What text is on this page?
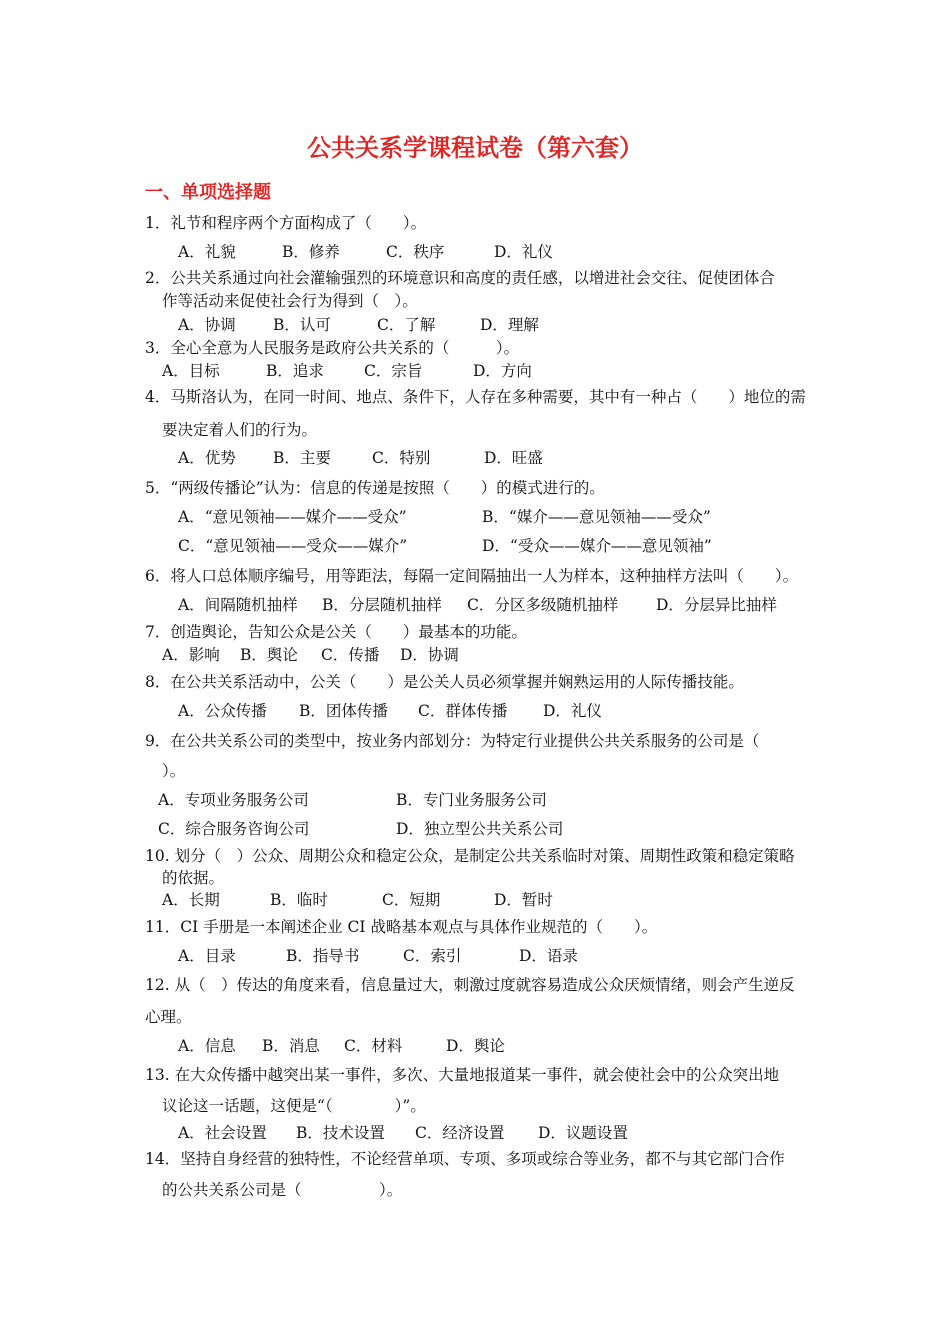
公共关系学课程试卷（第六套）
一、单项选择题
1．礼节和程序两个方面构成了（　　）。
A．礼貌	B．修养	C．秩序	D．礼仪
2．公共关系通过向社会灌输强烈的环境意识和高度的责任感，以增进社会交往、促使团体合
作等活动来促使社会行为得到（　）。
A．协调 B．认可	C．了解	D．理解
3．全心全意为人民服务是政府公共关系的（　　　）。
A．目标	B．追求	C．宗旨	D．方向
4．马斯洛认为，在同一时间、地点、条件下，人存在多种需要，其中有一种占（　　）地位的需
要决定着人们的行为。
A．优势 B．主要	C．特别	D．旺盛
5．“两级传播论”认为：信息的传递是按照（　　）的模式进行的。
A．“意见领袖——媒介——受众”	B．“媒介——意见领袖——受众”
C．“意见领袖——受众——媒介”	D．“受众——媒介——意见领袖”
6．将人口总体顺序编号，用等距法，每隔一定间隔抽出一人为样本，这种抽样方法叫（　　）。
A．间隔随机抽样 B．分层随机抽样 C．分区多级随机抽样 D．分层异比抽样
7．创造舆论，告知公众是公关（　　）最基本的功能。
A．影响 B．舆论 C．传播 D．协调
8．在公共关系活动中，公关（　　）是公关人员必须掌握并娴熟运用的人际传播技能。
A．公众传播 B．团体传播 C．群体传播 D．礼仪
9．在公共关系公司的类型中，按业务内部划分：为特定行业提供公共关系服务的公司是（
）。
A．专项业务服务公司	B．专门业务服务公司
C．综合服务咨询公司	D．独立型公共关系公司
10. 划分（　）公众、周期公众和稳定公众，是制定公共关系临时对策、周期性政策和稳定策略
的依据。
A．长期	B．临时	C．短期	D．暂时
11．CI 手册是一本阐述企业 CI 战略基本观点与具体作业规范的（　　）。
A．目录	B．指导书	C．索引	D．语录
12. 从（　）传达的角度来看，信息量过大，刺激过度就容易造成公众厌烦情绪，则会产生逆反
心理。
A．信息 B．消息 C．材料	D．舆论
13. 在大众传播中越突出某一事件，多次、大量地报道某一事件，就会使社会中的公众突出地
议论这一话题，这便是“（　　　　）”。
A．社会设置 B．技术设置 C．经济设置 D．议题设置
14．坚持自身经营的独特性，不论经营单项、专项、多项或综合等业务，都不与其它部门合作
的公共关系公司是（　　　　　）。
